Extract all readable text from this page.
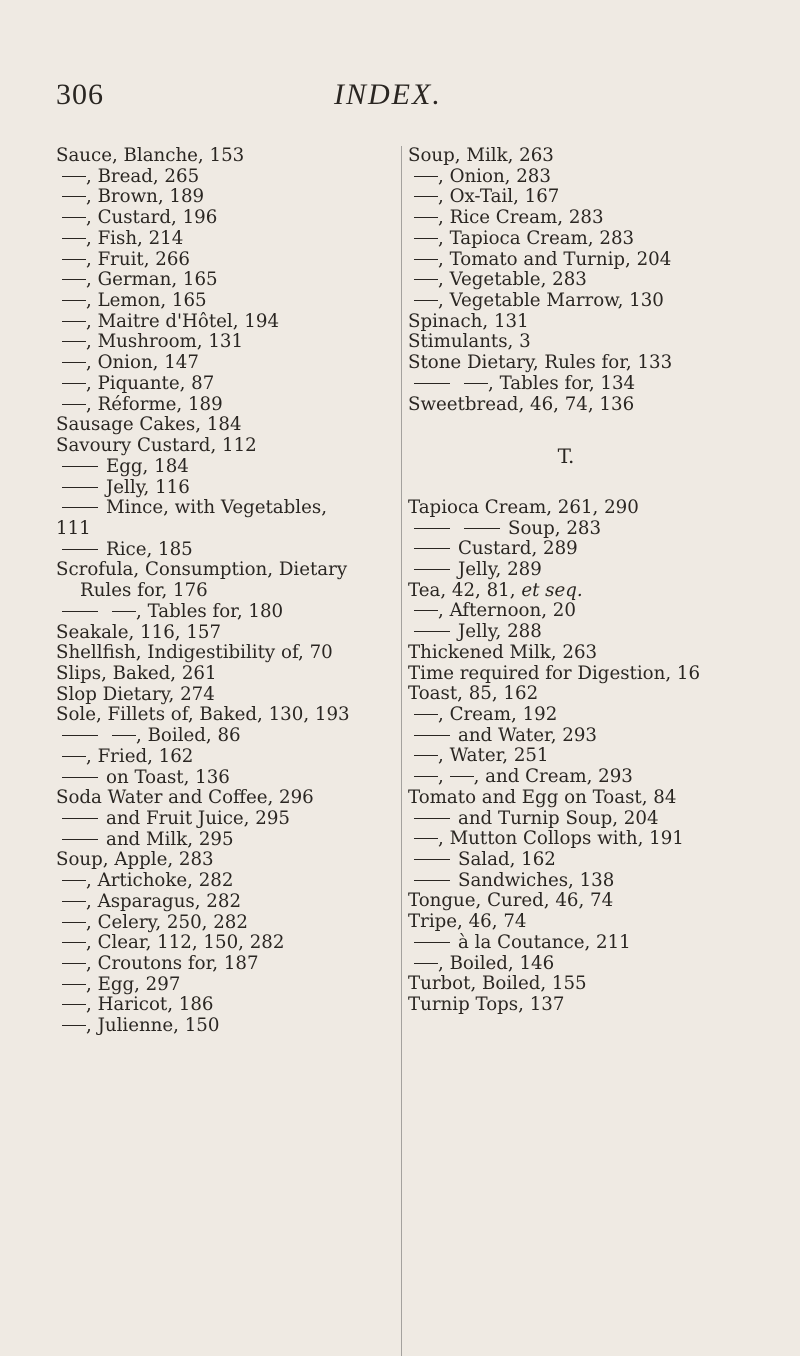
306	INDEX.
Sauce, Blanche, 153
, Bread, 265
, Brown, 189
, Custard, 196
, Fish, 214
, Fruit, 266
, German, 165
, Lemon, 165
, Maitre d'Hôtel, 194
, Mushroom, 131
, Onion, 147
, Piquante, 87
, Réforme, 189
Sausage Cakes, 184
Savoury Custard, 112
Egg, 184
Jelly, 116
Mince, with Vegetables,
111
Rice, 185
Scrofula, Consumption, Dietary
Rules for, 176
, Tables for, 180
Seakale, 116, 157
Shellfish, Indigestibility of, 70
Slips, Baked, 261
Slop Dietary, 274
Sole, Fillets of, Baked, 130, 193
, Boiled, 86
, Fried, 162
on Toast, 136
Soda Water and Coffee, 296
and Fruit Juice, 295
and Milk, 295
Soup, Apple, 283
, Artichoke, 282
, Asparagus, 282
, Celery, 250, 282
, Clear, 112, 150, 282
, Croutons for, 187
, Egg, 297
, Haricot, 186
, Julienne, 150
Soup, Milk, 263
, Onion, 283
, Ox-Tail, 167
, Rice Cream, 283
, Tapioca Cream, 283
, Tomato and Turnip, 204
, Vegetable, 283
, Vegetable Marrow, 130
Spinach, 131
Stimulants, 3
Stone Dietary, Rules for, 133
, Tables for, 134
Sweetbread, 46, 74, 136
T.
Tapioca Cream, 261, 290
Soup, 283
Custard, 289
Jelly, 289
Tea, 42, 81, et seq.
, Afternoon, 20
Jelly, 288
Thickened Milk, 263
Time required for Digestion, 16
Toast, 85, 162
, Cream, 192
and Water, 293
, Water, 251
, , and Cream, 293
Tomato and Egg on Toast, 84
and Turnip Soup, 204
, Mutton Collops with, 191
Salad, 162
Sandwiches, 138
Tongue, Cured, 46, 74
Tripe, 46, 74
à la Coutance, 211
, Boiled, 146
Turbot, Boiled, 155
Turnip Tops, 137
